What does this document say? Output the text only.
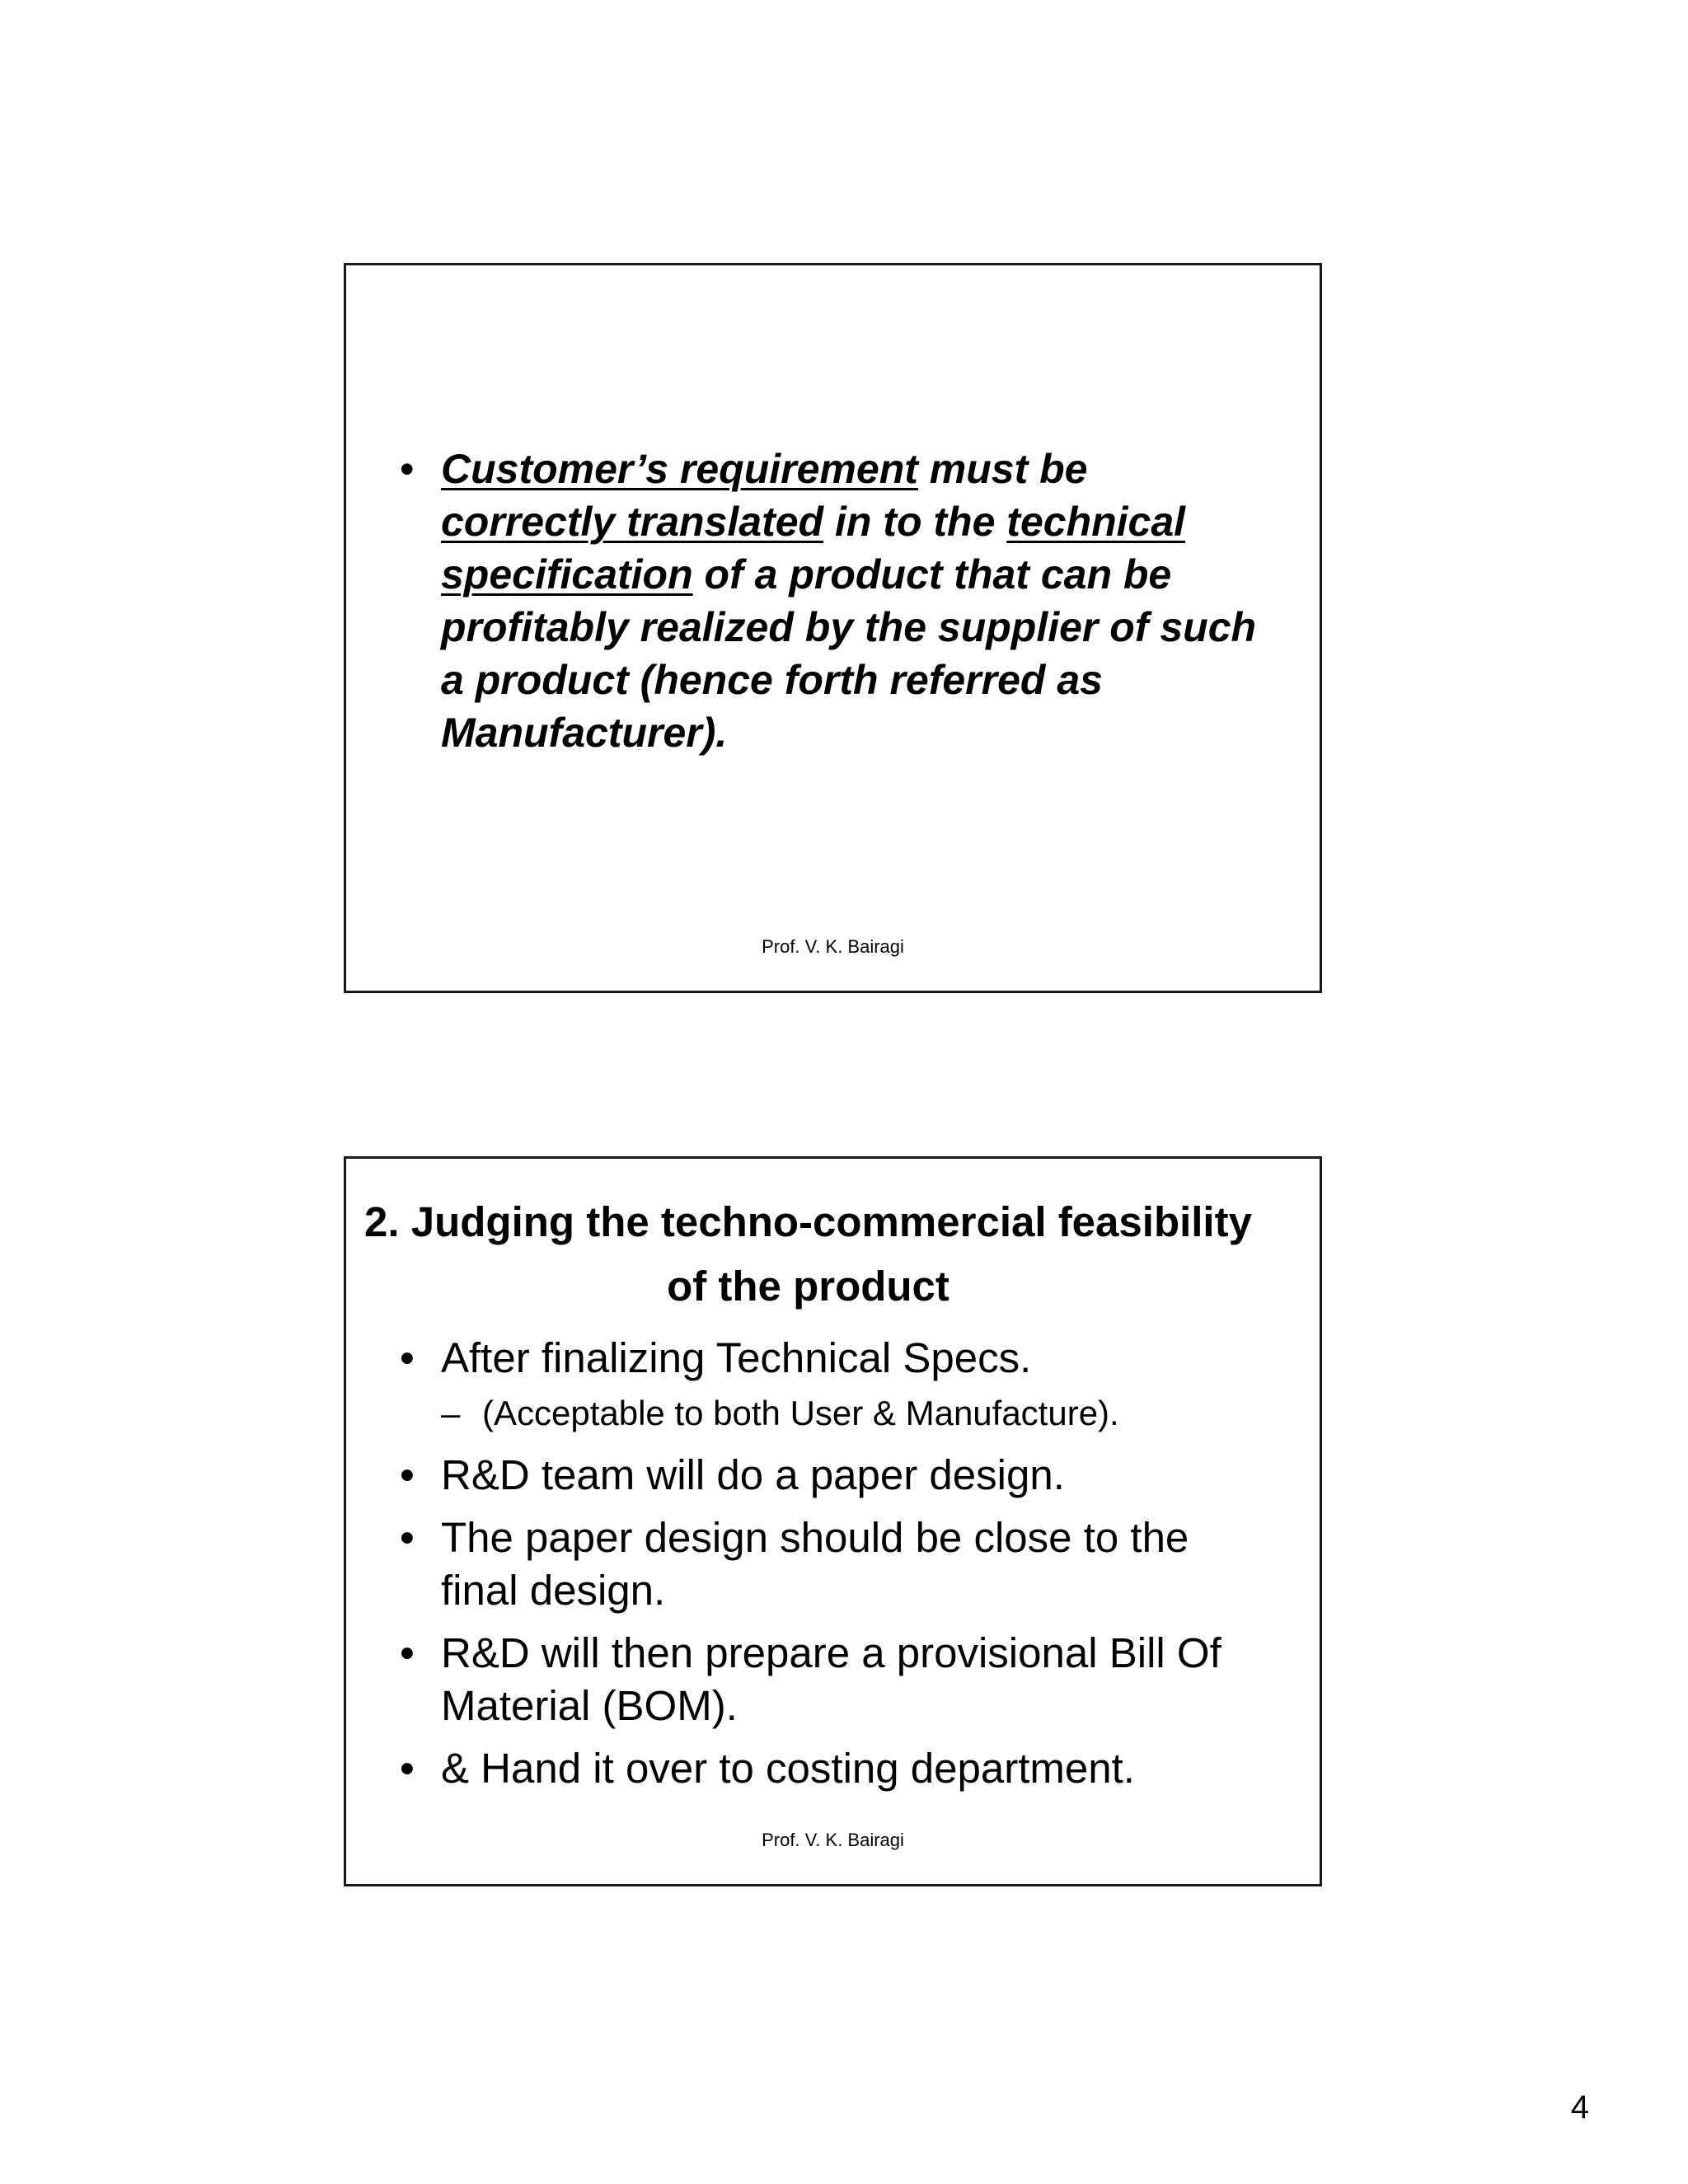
• Customer’s requirement must be correctly translated in to the technical specification of a product that can be profitably realized by the supplier of such a product (hence forth referred as Manufacturer).
Prof. V. K. Bairagi
2. Judging the techno-commercial feasibility of the product
• After finalizing Technical Specs.
– (Acceptable to both User & Manufacture).
• R&D team will do a paper design.
• The paper design should be close to the final design.
• R&D will then prepare a provisional Bill Of Material (BOM).
• & Hand it over to costing department.
Prof. V. K. Bairagi
4
